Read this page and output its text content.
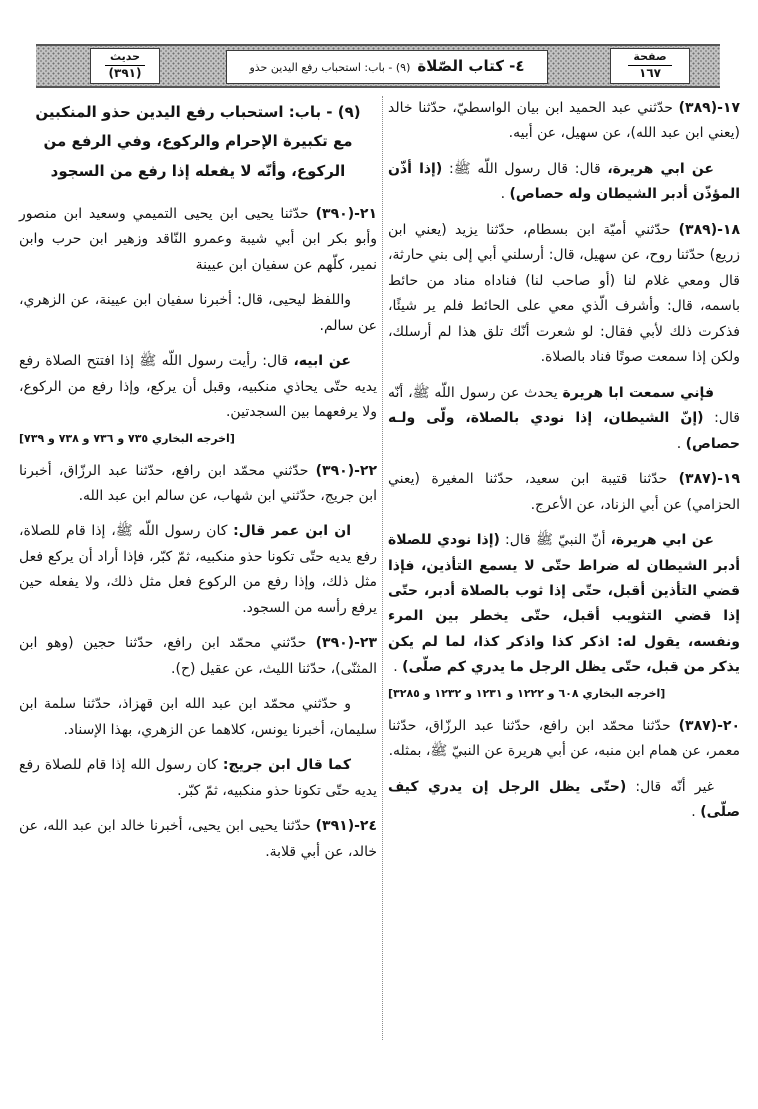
حديث
(٣٩١)	٤- كتاب الصّلاة
(٩) - باب: استحباب رفع اليدين حذو
صفحة
١٦٧

١٧-(٣٨٩) حدّثني عبد الحميد ابن بيان الواسطيّ، حدّثنا خالد (يعني ابن عبد الله)، عن سهيل، عن أبيه.

عن ابي هريرة، قال: قال رسول اللّه ﷺ: (إذا أذّن المؤذّن أدبر الشيطان وله حصاص) .

١٨-(٣٨٩) حدّثني أميّة ابن بسطام، حدّثنا يزيد (يعني ابن زريع) حدّثنا روح، عن سهيل، قال: أرسلني أبي إلى بني حارثة، قال ومعي غلام لنا (أو صاحب لنا) فناداه مناد من حائط باسمه، قال: وأشرف الّذي معي على الحائط فلم ير شيئًا، فذكرت ذلك لأبي فقال: لو شعرت أنّك تلق هذا لم أرسلك، ولكن إذا سمعت صوتًا فناد بالصلاة.

فإني سمعت ابا هريرة يحدث عن رسول اللّه ﷺ، أنّه قال: (إنّ الشيطان، إذا نودي بالصلاة، ولّى ولـه حصاص) .

١٩-(٣٨٧) حدّثنا قتيبة ابن سعيد، حدّثنا المغيرة (يعني الحزامي) عن أبي الزناد، عن الأعرج.

عن ابي هريرة، أنّ النبيّ ﷺ قال: (إذا نودي للصلاة أدبر الشيطان له ضراط حتّى لا يسمع التأذين، فإذا قضي التأذين أقبل، حتّى إذا ثوب بالصلاة أدبر، حتّى إذا قضي التثويب أقبل، حتّى يخطر بين المرء ونفسه، يقول له: اذكر كذا واذكر كذا، لما لم يكن يذكر من قبل، حتّى يظل الرجل ما يدري كم صلّى) .
[اخرجه البخاري ٦٠٨ و ١٢٢٢ و ١٢٣١ و ١٢٣٢ و ٣٢٨٥]

٢٠-(٣٨٧) حدّثنا محمّد ابن رافع، حدّثنا عبد الرزّاق، حدّثنا معمر، عن همام ابن منبه، عن أبي هريرة عن النبيّ ﷺ، بمثله.

غير أنّه قال: (حتّى يظل الرجل إن يدري كيف صلّى) .

(٩) - باب: استحباب رفع اليدين حذو المنكبين مع تكبيرة الإحرام والركوع، وفي الرفع من الركوع، وأنّه لا يفعله إذا رفع من السجود

٢١-(٣٩٠) حدّثنا يحيى ابن يحيى التميمي وسعيد ابن منصور وأبو بكر ابن أبي شيبة وعمرو النّاقد وزهير ابن حرب وابن نمير، كلّهم عن سفيان ابن عيينة

واللفظ ليحيى، قال: أخبرنا سفيان ابن عيينة، عن الزهري، عن سالم.

عن ابيه، قال: رأيت رسول اللّه ﷺ إذا افتتح الصلاة رفع يديه حتّى يحاذي منكبيه، وقبل أن يركع، وإذا رفع من الركوع، ولا يرفعهما بين السجدتين.
[اخرجه البخاري ٧٣٥ و ٧٣٦ و ٧٣٨ و ٧٣٩]

٢٢-(٣٩٠) حدّثني محمّد ابن رافع، حدّثنا عبد الرزّاق، أخبرنا ابن جريج، حدّثني ابن شهاب، عن سالم ابن عبد الله.

ان ابن عمر قال: كان رسول اللّه ﷺ، إذا قام للصلاة، رفع يديه حتّى تكونا حذو منكبيه، ثمّ كبّر، فإذا أراد أن يركع فعل مثل ذلك، وإذا رفع من الركوع فعل مثل ذلك، ولا يفعله حين يرفع رأسه من السجود.

٢٣-(٣٩٠) حدّثني محمّد ابن رافع، حدّثنا حجين (وهو ابن المثنّى)، حدّثنا الليث، عن عقيل (ح).

و حدّثني محمّد ابن عبد الله ابن قهزاذ، حدّثنا سلمة ابن سليمان، أخبرنا يونس، كلاهما عن الزهري، بهذا الإسناد.

كما قال ابن جريج: كان رسول الله إذا قام للصلاة رفع يديه حتّى تكونا حذو منكبيه، ثمّ كبّر.

٢٤-(٣٩١) حدّثنا يحيى ابن يحيى، أخبرنا خالد ابن عبد الله، عن خالد، عن أبي قلابة.
